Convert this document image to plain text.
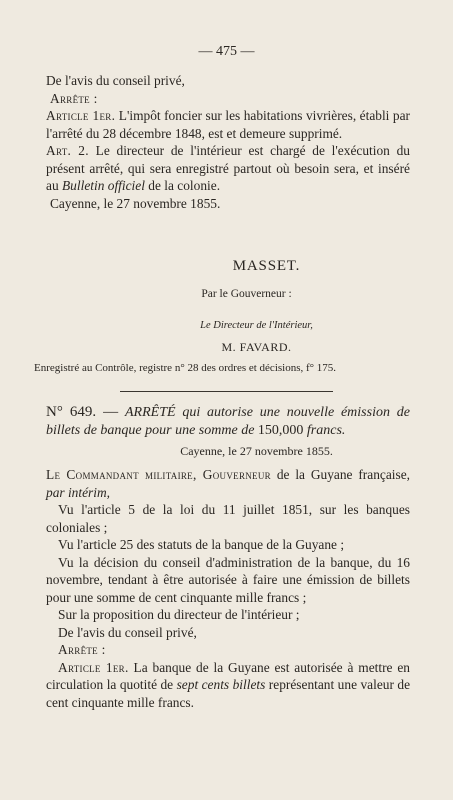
— 475 —

De l'avis du conseil privé,

Arrête :

Article 1er. L'impôt foncier sur les habitations vivrières, établi par l'arrêté du 28 décembre 1848, est et demeure supprimé.

Art. 2. Le directeur de l'intérieur est chargé de l'exécution du présent arrêté, qui sera enregistré partout où besoin sera, et inséré au Bulletin officiel de la colonie.

Cayenne, le 27 novembre 1855.

MASSET.
Par le Gouverneur :
Le Directeur de l'Intérieur,
M. FAVARD.
Enregistré au Contrôle, registre n° 28 des ordres et décisions, f° 175.

N° 649. — ARRÊTÉ qui autorise une nouvelle émission de billets de banque pour une somme de 150,000 francs.

Cayenne, le 27 novembre 1855.

Le Commandant militaire, Gouverneur de la Guyane française, par intérim,

Vu l'article 5 de la loi du 11 juillet 1851, sur les banques coloniales ;

Vu l'article 25 des statuts de la banque de la Guyane ;

Vu la décision du conseil d'administration de la banque, du 16 novembre, tendant à être autorisée à faire une émission de billets pour une somme de cent cinquante mille francs ;

Sur la proposition du directeur de l'intérieur ;

De l'avis du conseil privé,

Arrête :

Article 1er. La banque de la Guyane est autorisée à mettre en circulation la quotité de sept cents billets représentant une valeur de cent cinquante mille francs.
